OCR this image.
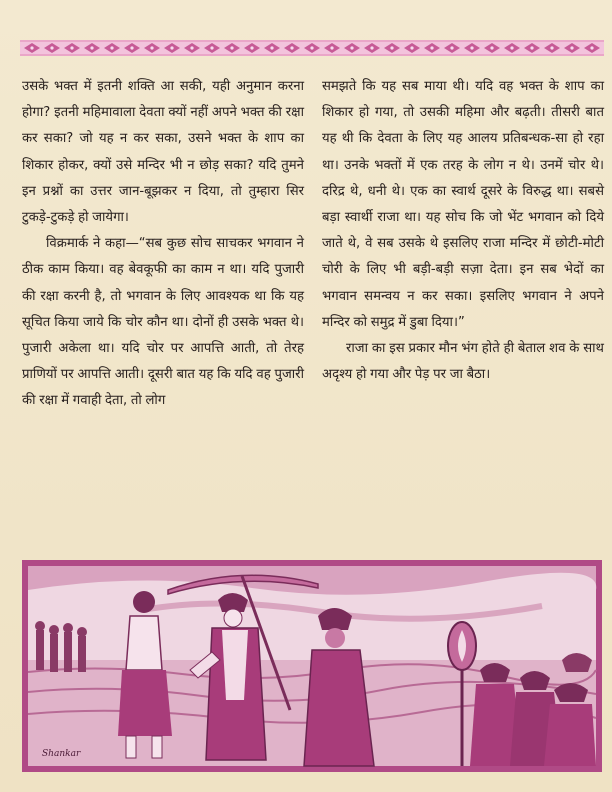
उसके भक्त में इतनी शक्ति आ सकी, यही अनुमान करना होगा? इतनी महिमावाला देवता क्यों नहीं अपने भक्त की रक्षा कर सका? जो यह न कर सका, उसने भक्त के शाप का शिकार होकर, क्यों उसे मन्दिर भी न छोड़ सका? यदि तुमने इन प्रश्नों का उत्तर जान-बूझकर न दिया, तो तुम्हारा सिर टुकड़े-टुकड़े हो जायेगा।

विक्रमार्क ने कहा—“सब कुछ सोच साचकर भगवान ने ठीक काम किया। वह बेवकूफी का काम न था। यदि पुजारी की रक्षा करनी है, तो भगवान के लिए आवश्यक था कि यह सूचित किया जाये कि चोर कौन था। दोनों ही उसके भक्त थे। पुजारी अकेला था। यदि चोर पर आपत्ति आती, तो तेरह प्राणियों पर आपत्ति आती। दूसरी बात यह कि यदि वह पुजारी की रक्षा में गवाही देता, तो लोग

समझते कि यह सब माया थी। यदि वह भक्त के शाप का शिकार हो गया, तो उसकी महिमा और बढ़ती। तीसरी बात यह थी कि देवता के लिए यह आलय प्रतिबन्धक-सा हो रहा था। उनके भक्तों में एक तरह के लोग न थे। उनमें चोर थे। दरिद्र थे, धनी थे। एक का स्वार्थ दूसरे के विरुद्ध था। सबसे बड़ा स्वार्थी राजा था। यह सोच कि जो भेंट भगवान को दिये जाते थे, वे सब उसके थे इसलिए राजा मन्दिर में छोटी-मोटी चोरी के लिए भी बड़ी-बड़ी सज़ा देता। इन सब भेदों का भगवान समन्वय न कर सका। इसलिए भगवान ने अपने मन्दिर को समुद्र में डुबा दिया।”

राजा का इस प्रकार मौन भंग होते ही बेताल शव के साथ अदृश्य हो गया और पेड़ पर जा बैठा।

Shankar
